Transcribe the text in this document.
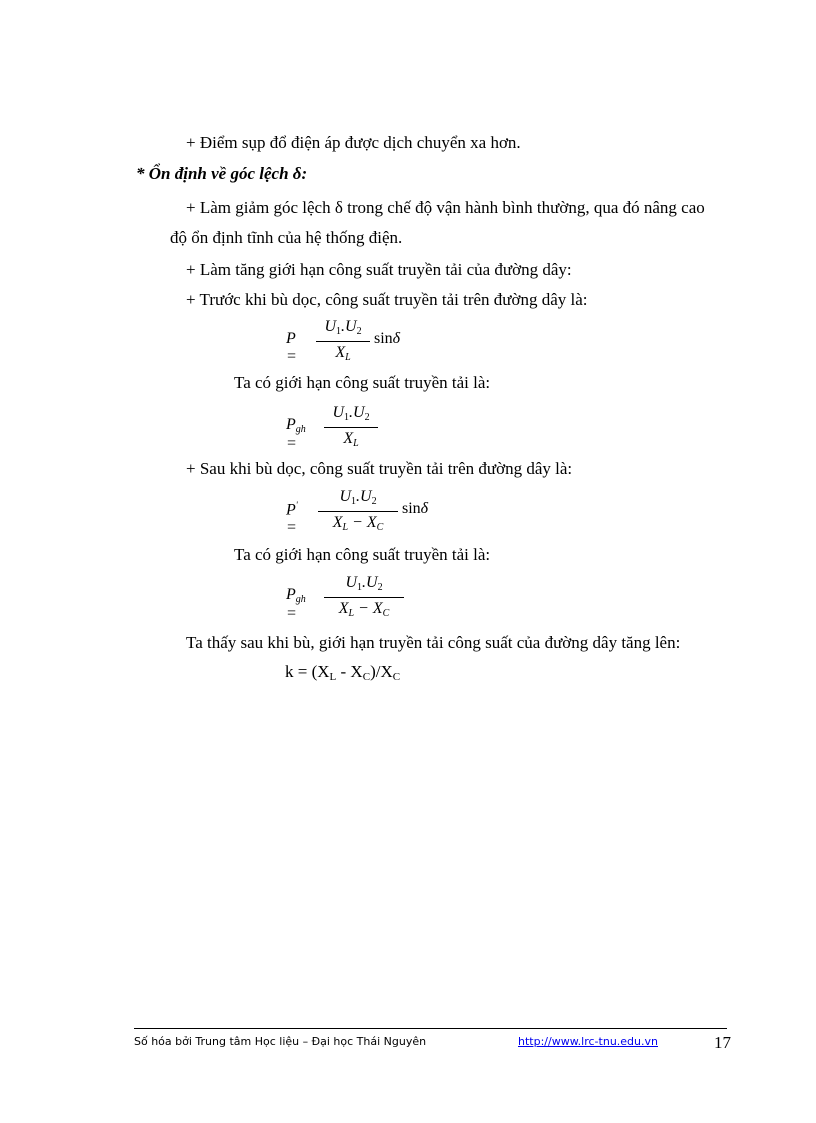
+ Điểm sụp đổ điện áp được dịch chuyển xa hơn.
* Ổn định về góc lệch δ:
+ Làm giảm góc lệch δ trong chế độ vận hành bình thường, qua đó nâng cao
độ ổn định tĩnh của hệ thống điện.
+ Làm tăng giới hạn công suất truyền tải của đường dây:
+ Trước khi bù dọc, công suất truyền tải trên đường dây là:
$P = \frac{U_1.U_2}{XL}$ sinδ
Ta có giới hạn công suất truyền tải là:
Pgh =	$\frac{U_1.U_2}{XL}$
+ Sau khi bù dọc, công suất truyền tải trên đường dây là:
$P' = \frac{U_1.U_2}{XL - XC}$ sinδ
Ta có giới hạn công suất truyền tải là:
Pgh =	$\frac{U_1.U_2}{XL - XC}$
Ta thấy sau khi bù, giới hạn truyền tải công suất của đường dây tăng lên:
k = (XL - XC)/XC
Số hóa bởi Trung tâm Học liệu – Đại học Thái Nguyên	http://www.lrc-tnu.edu.vn	17
